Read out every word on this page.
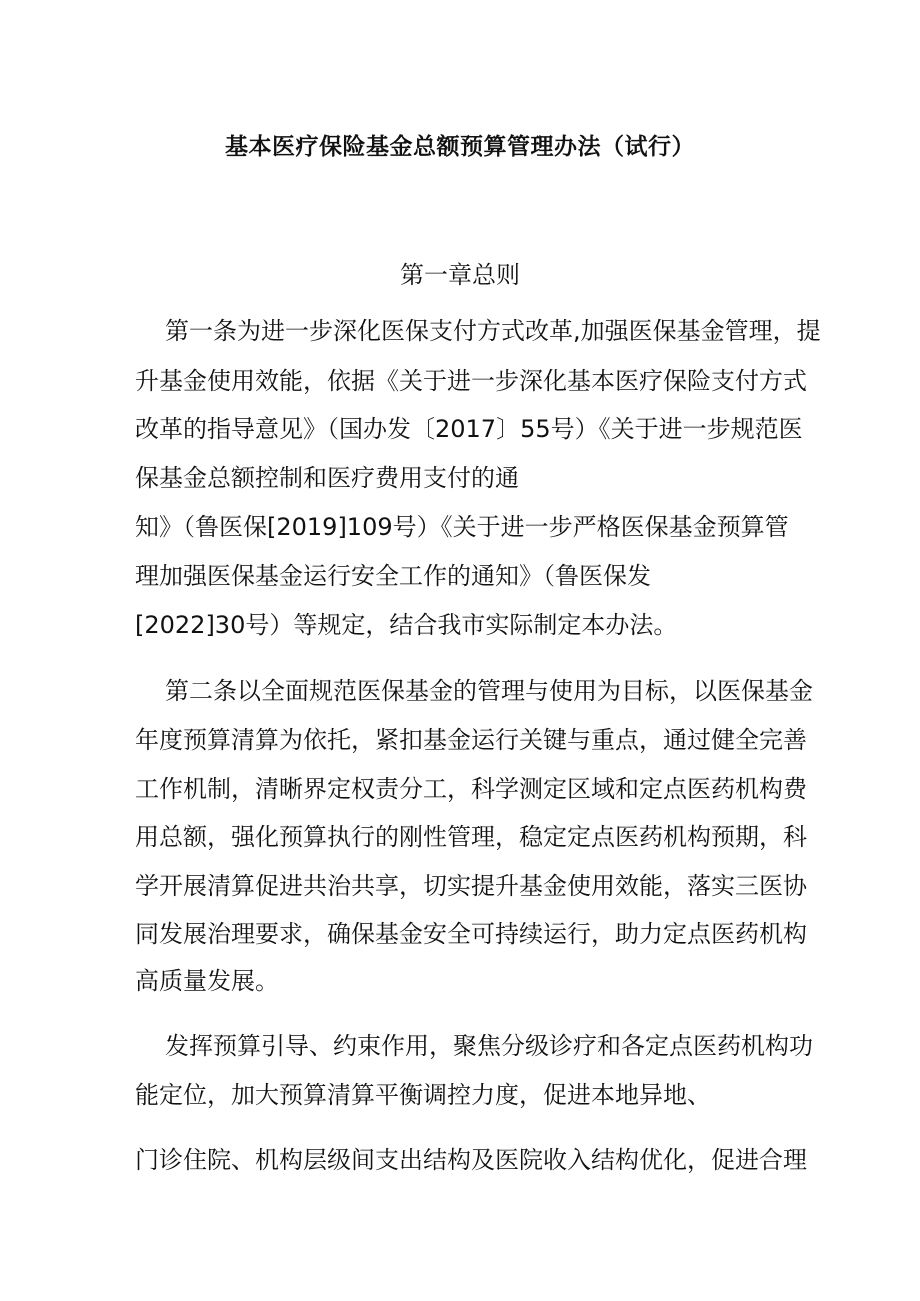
基本医疗保险基金总额预算管理办法（试行）
第一章总则
第一条为进一步深化医保支付方式改革,加强医保基金管理，提
升基金使用效能，依据《关于进一步深化基本医疗保险支付方式
改革的指导意见》（国办发〔2017〕55号）《关于进一步规范医
保基金总额控制和医疗费用支付的通
知》（鲁医保[2019]109号）《关于进一步严格医保基金预算管
理加强医保基金运行安全工作的通知》（鲁医保发
[2022]30号）等规定，结合我市实际制定本办法。
第二条以全面规范医保基金的管理与使用为目标，以医保基金
年度预算清算为依托，紧扣基金运行关键与重点，通过健全完善
工作机制，清晰界定权责分工，科学测定区域和定点医药机构费
用总额，强化预算执行的刚性管理，稳定定点医药机构预期，科
学开展清算促进共治共享，切实提升基金使用效能，落实三医协
同发展治理要求，确保基金安全可持续运行，助力定点医药机构
高质量发展。
发挥预算引导、约束作用，聚焦分级诊疗和各定点医药机构功
能定位，加大预算清算平衡调控力度，促进本地异地、
门诊住院、机构层级间支出结构及医院收入结构优化，促进合理
